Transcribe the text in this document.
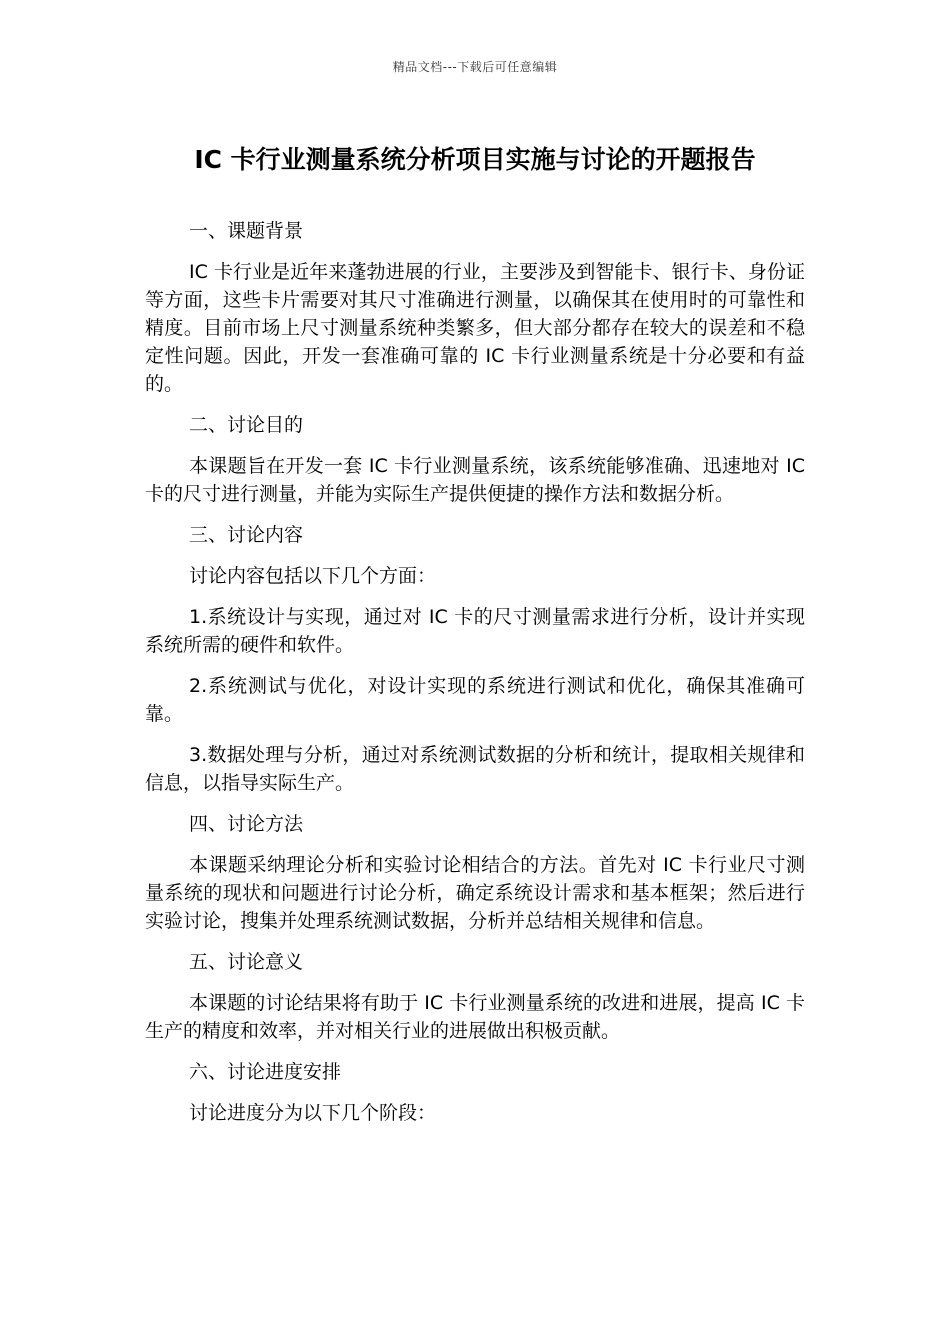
精品文档---下载后可任意编辑
IC 卡行业测量系统分析项目实施与讨论的开题报告

一、课题背景

IC 卡行业是近年来蓬勃进展的行业，主要涉及到智能卡、银行卡、身份证等方面，这些卡片需要对其尺寸准确进行测量，以确保其在使用时的可靠性和精度。目前市场上尺寸测量系统种类繁多，但大部分都存在较大的误差和不稳定性问题。因此，开发一套准确可靠的 IC 卡行业测量系统是十分必要和有益的。

二、讨论目的

本课题旨在开发一套 IC 卡行业测量系统，该系统能够准确、迅速地对 IC 卡的尺寸进行测量，并能为实际生产提供便捷的操作方法和数据分析。

三、讨论内容

讨论内容包括以下几个方面：

1.系统设计与实现，通过对 IC 卡的尺寸测量需求进行分析，设计并实现系统所需的硬件和软件。

2.系统测试与优化，对设计实现的系统进行测试和优化，确保其准确可靠。

3.数据处理与分析，通过对系统测试数据的分析和统计，提取相关规律和信息，以指导实际生产。

四、讨论方法

本课题采纳理论分析和实验讨论相结合的方法。首先对 IC 卡行业尺寸测量系统的现状和问题进行讨论分析，确定系统设计需求和基本框架；然后进行实验讨论，搜集并处理系统测试数据，分析并总结相关规律和信息。

五、讨论意义

本课题的讨论结果将有助于 IC 卡行业测量系统的改进和进展，提高 IC 卡生产的精度和效率，并对相关行业的进展做出积极贡献。

六、讨论进度安排

讨论进度分为以下几个阶段：
